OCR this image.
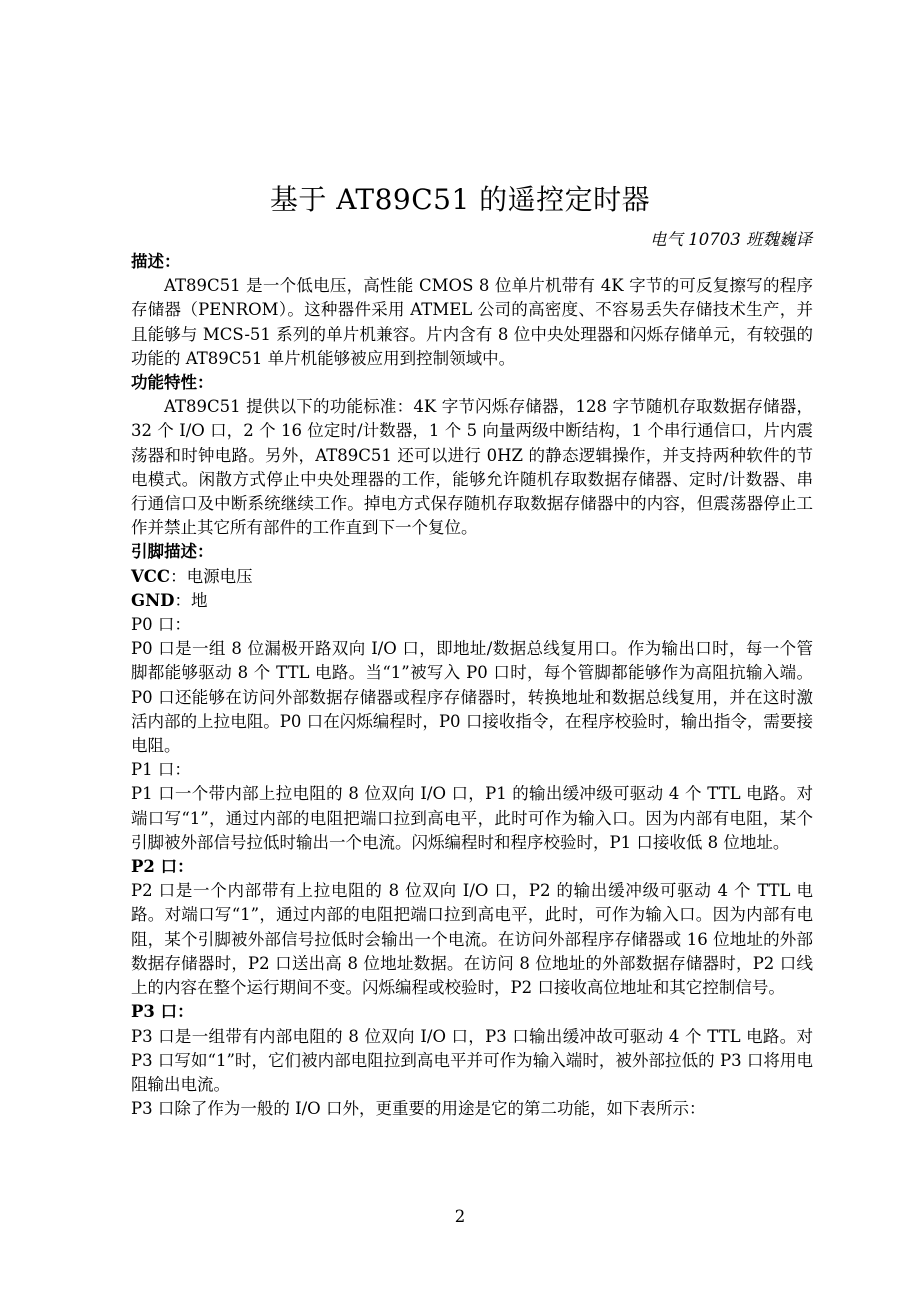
基于 AT89C51 的遥控定时器
电气 10703 班魏巍译

描述：

AT89C51 是一个低电压，高性能 CMOS 8 位单片机带有 4K 字节的可反复擦写的程序存储器（PENROM）。这种器件采用 ATMEL 公司的高密度、不容易丢失存储技术生产，并且能够与 MCS-51 系列的单片机兼容。片内含有 8 位中央处理器和闪烁存储单元，有较强的功能的 AT89C51 单片机能够被应用到控制领域中。

功能特性：

AT89C51 提供以下的功能标准：4K 字节闪烁存储器，128 字节随机存取数据存储器，32 个 I/O 口，2 个 16 位定时/计数器，1 个 5 向量两级中断结构，1 个串行通信口，片内震荡器和时钟电路。另外，AT89C51 还可以进行 0HZ 的静态逻辑操作，并支持两种软件的节电模式。闲散方式停止中央处理器的工作，能够允许随机存取数据存储器、定时/计数器、串行通信口及中断系统继续工作。掉电方式保存随机存取数据存储器中的内容，但震荡器停止工作并禁止其它所有部件的工作直到下一个复位。

引脚描述：

VCC：电源电压

GND：地

P0 口：

P0 口是一组 8 位漏极开路双向 I/O 口，即地址/数据总线复用口。作为输出口时，每一个管脚都能够驱动 8 个 TTL 电路。当“1”被写入 P0 口时，每个管脚都能够作为高阻抗输入端。P0 口还能够在访问外部数据存储器或程序存储器时，转换地址和数据总线复用，并在这时激活内部的上拉电阻。P0 口在闪烁编程时，P0 口接收指令，在程序校验时，输出指令，需要接电阻。

P1 口：

P1 口一个带内部上拉电阻的 8 位双向 I/O 口，P1 的输出缓冲级可驱动 4 个 TTL 电路。对端口写“1”，通过内部的电阻把端口拉到高电平，此时可作为输入口。因为内部有电阻，某个引脚被外部信号拉低时输出一个电流。闪烁编程时和程序校验时，P1 口接收低 8 位地址。

P2 口：

P2 口是一个内部带有上拉电阻的 8 位双向 I/O 口，P2 的输出缓冲级可驱动 4 个 TTL 电路。对端口写“1”，通过内部的电阻把端口拉到高电平，此时，可作为输入口。因为内部有电阻，某个引脚被外部信号拉低时会输出一个电流。在访问外部程序存储器或 16 位地址的外部数据存储器时，P2 口送出高 8 位地址数据。在访问 8 位地址的外部数据存储器时，P2 口线上的内容在整个运行期间不变。闪烁编程或校验时，P2 口接收高位地址和其它控制信号。

P3 口：

P3 口是一组带有内部电阻的 8 位双向 I/O 口，P3 口输出缓冲故可驱动 4 个 TTL 电路。对 P3 口写如“1”时，它们被内部电阻拉到高电平并可作为输入端时，被外部拉低的 P3 口将用电阻输出电流。

P3 口除了作为一般的 I/O 口外，更重要的用途是它的第二功能，如下表所示：

2
